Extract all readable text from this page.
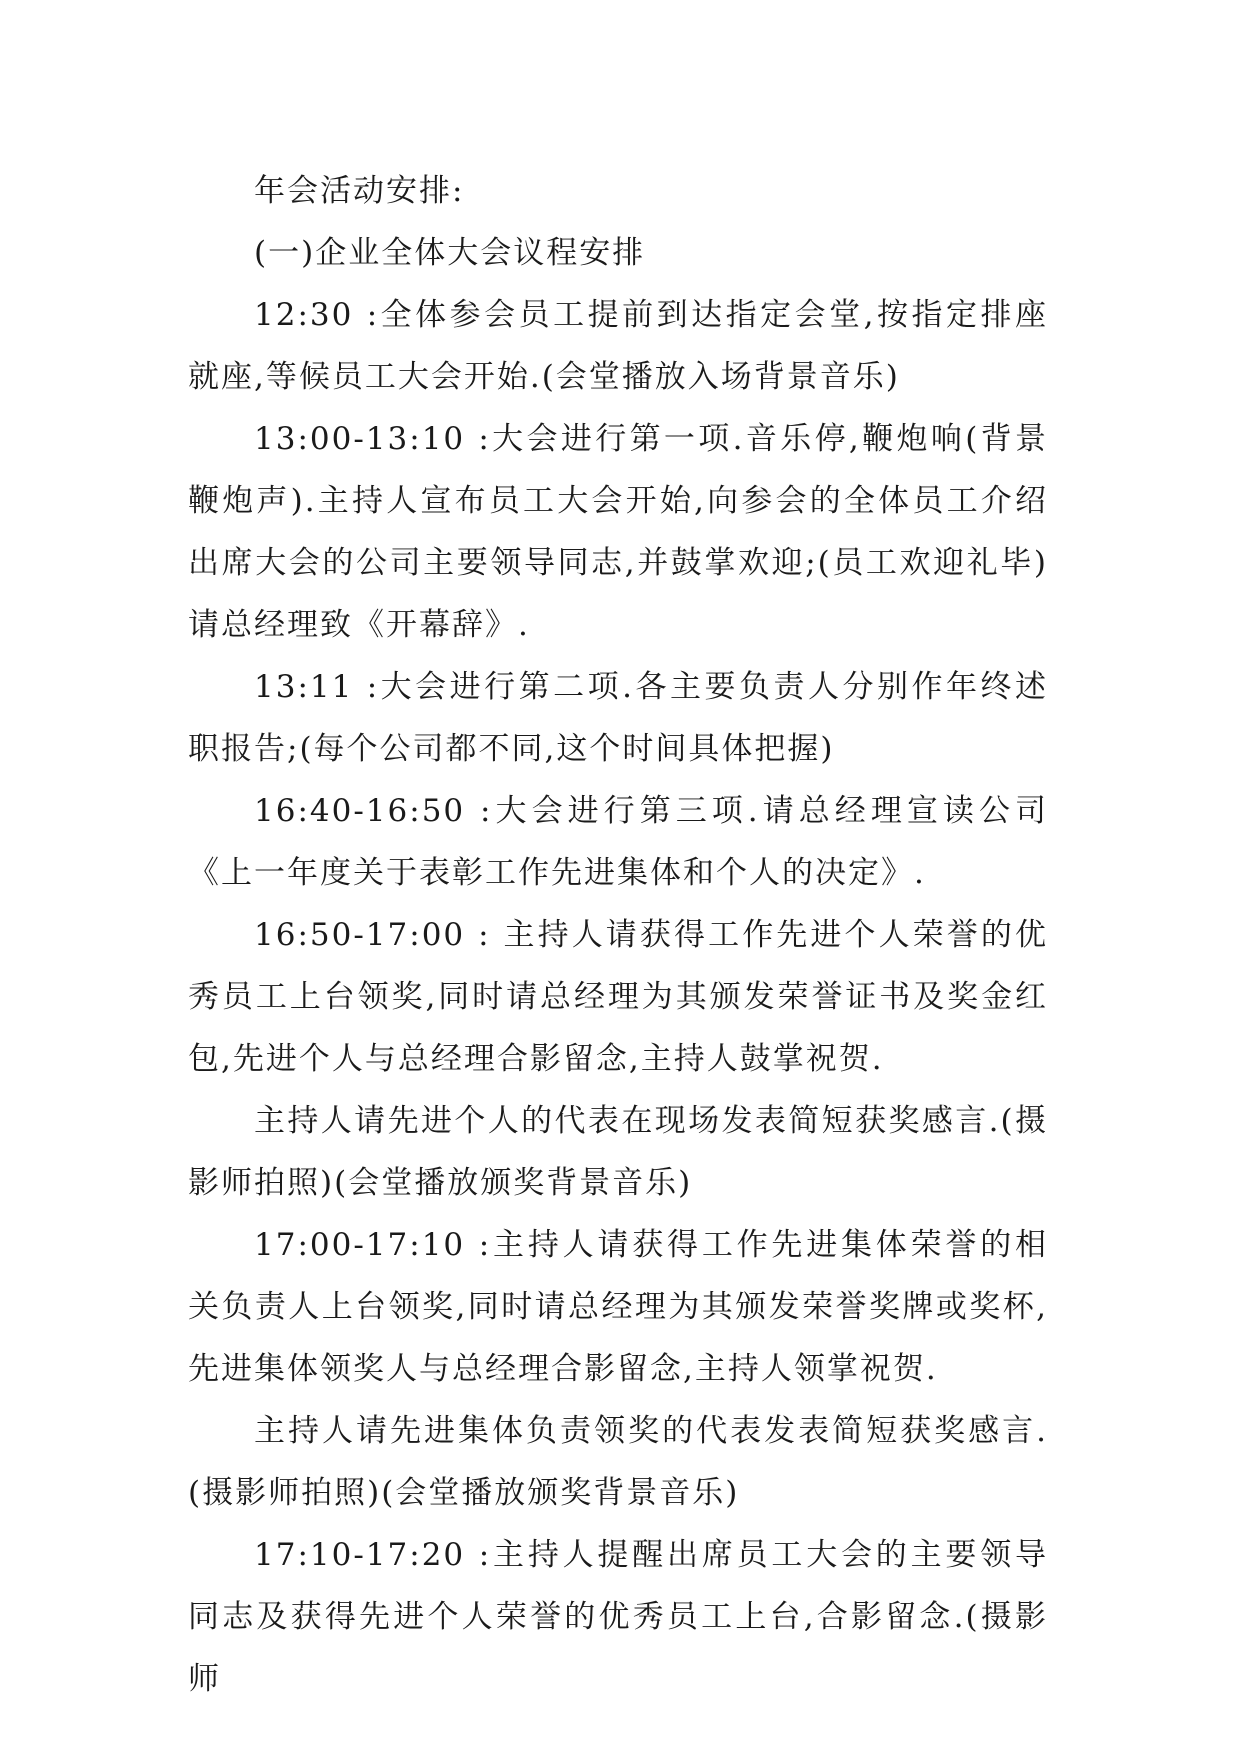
年会活动安排:

(一)企业全体大会议程安排

12:30 :全体参会员工提前到达指定会堂,按指定排座就座,等候员工大会开始.(会堂播放入场背景音乐)

13:00-13:10 :大会进行第一项.音乐停,鞭炮响(背景鞭炮声).主持人宣布员工大会开始,向参会的全体员工介绍出席大会的公司主要领导同志,并鼓掌欢迎;(员工欢迎礼毕)请总经理致《开幕辞》.

13:11 :大会进行第二项.各主要负责人分别作年终述职报告;(每个公司都不同,这个时间具体把握)

16:40-16:50 :大会进行第三项.请总经理宣读公司《上一年度关于表彰工作先进集体和个人的决定》.

16:50-17:00 : 主持人请获得工作先进个人荣誉的优秀员工上台领奖,同时请总经理为其颁发荣誉证书及奖金红包,先进个人与总经理合影留念,主持人鼓掌祝贺.

主持人请先进个人的代表在现场发表简短获奖感言.(摄影师拍照)(会堂播放颁奖背景音乐)

17:00-17:10 :主持人请获得工作先进集体荣誉的相关负责人上台领奖,同时请总经理为其颁发荣誉奖牌或奖杯,先进集体领奖人与总经理合影留念,主持人领掌祝贺.

主持人请先进集体负责领奖的代表发表简短获奖感言.(摄影师拍照)(会堂播放颁奖背景音乐)

17:10-17:20 :主持人提醒出席员工大会的主要领导同志及获得先进个人荣誉的优秀员工上台,合影留念.(摄影师
